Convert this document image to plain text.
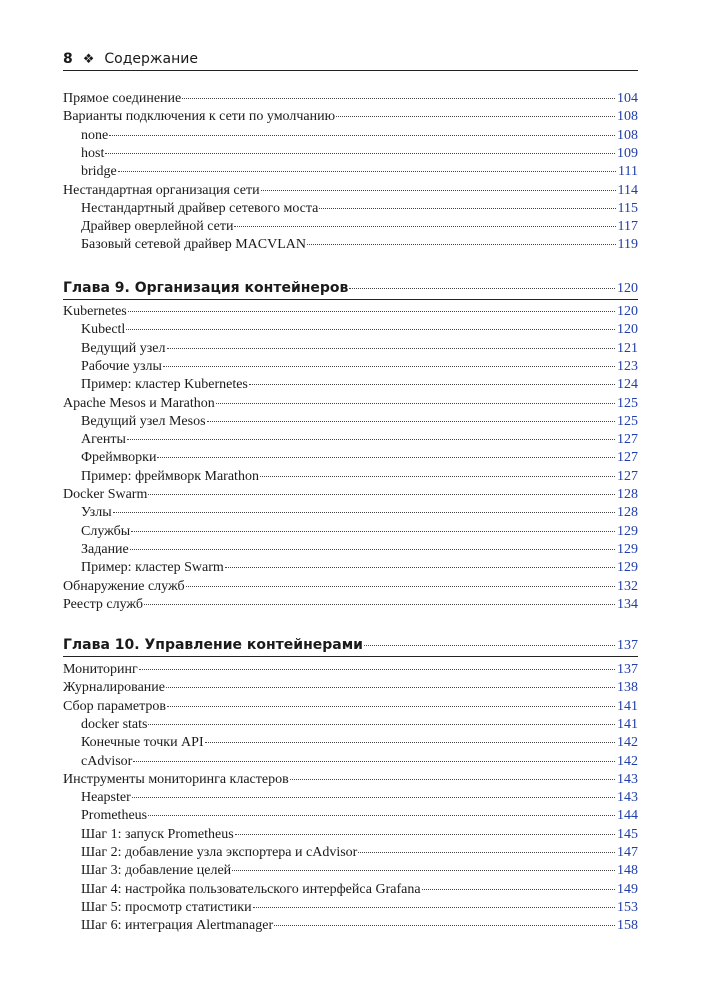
8 ❖ Содержание
Прямое соединение	104
Варианты подключения к сети по умолчанию	108
none	108
host	109
bridge	111
Нестандартная организация сети	114
Нестандартный драйвер сетевого моста	115
Драйвер оверлейной сети	117
Базовый сетевой драйвер MACVLAN	119
Глава 9. Организация контейнеров	120
Kubernetes	120
Kubectl	120
Ведущий узел	121
Рабочие узлы	123
Пример: кластер Kubernetes	124
Apache Mesos и Marathon	125
Ведущий узел Mesos	125
Агенты	127
Фреймворки	127
Пример: фреймворк Marathon	127
Docker Swarm	128
Узлы	128
Службы	129
Задание	129
Пример: кластер Swarm	129
Обнаружение служб	132
Реестр служб	134
Глава 10. Управление контейнерами	137
Мониторинг	137
Журналирование	138
Сбор параметров	141
docker stats	141
Конечные точки API	142
cAdvisor	142
Инструменты мониторинга кластеров	143
Heapster	143
Prometheus	144
Шаг 1: запуск Prometheus	145
Шаг 2: добавление узла экспортера и cAdvisor	147
Шаг 3: добавление целей	148
Шаг 4: настройка пользовательского интерфейса Grafana	149
Шаг 5: просмотр статистики	153
Шаг 6: интеграция Alertmanager	158
